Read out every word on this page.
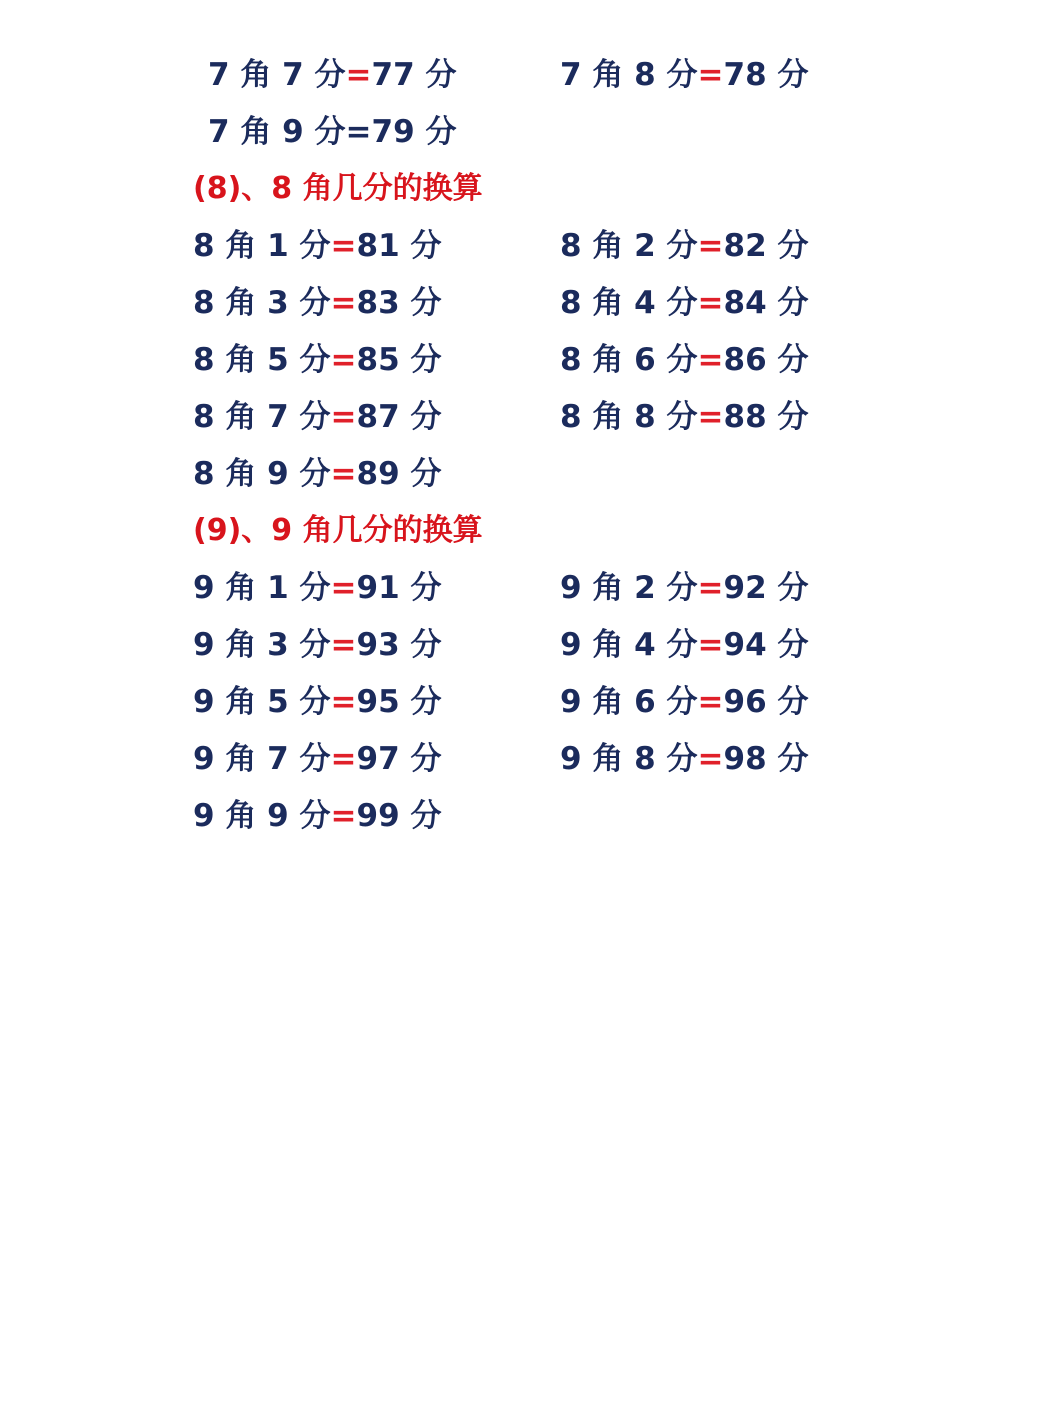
7 角 7 分=77 分	7 角 8 分=78 分
7 角 9 分=79 分
(8)、8 角几分的换算
8 角 1 分=81 分	8 角 2 分=82 分
8 角 3 分=83 分	8 角 4 分=84 分
8 角 5 分=85 分	8 角 6 分=86 分
8 角 7 分=87 分	8 角 8 分=88 分
8 角 9 分=89 分
(9)、9 角几分的换算
9 角 1 分=91 分	9 角 2 分=92 分
9 角 3 分=93 分	9 角 4 分=94 分
9 角 5 分=95 分	9 角 6 分=96 分
9 角 7 分=97 分	9 角 8 分=98 分
9 角 9 分=99 分
